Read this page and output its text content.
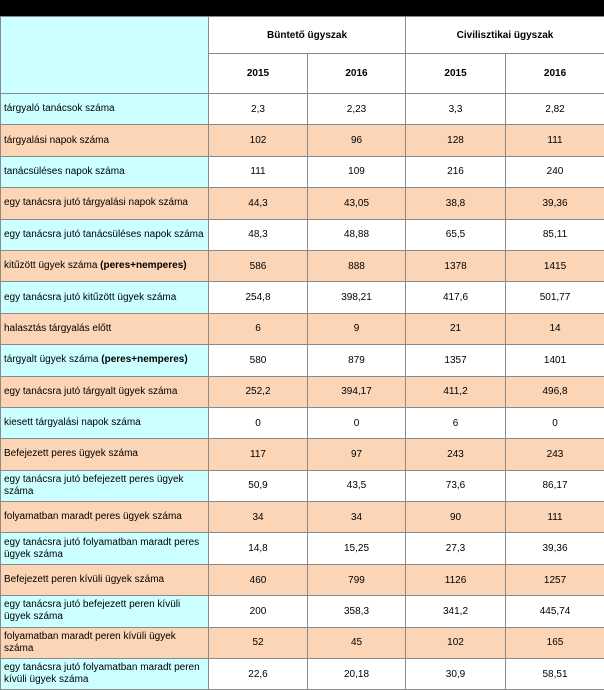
	Büntető ügyszak		Civilisztikai ügyszak	
	2015	2016	2015	2016
tárgyaló tanácsok száma	2,3	2,23	3,3	2,82
tárgyalási napok száma	102	96	128	111
tanácsüléses napok száma	111	109	216	240
egy tanácsra jutó tárgyalási napok száma	44,3	43,05	38,8	39,36
egy tanácsra jutó tanácsüléses napok száma	48,3	48,88	65,5	85,11
kitűzött ügyek száma (peres+nemperes)	586	888	1378	1415
egy tanácsra jutó kitűzött ügyek száma	254,8	398,21	417,6	501,77
halasztás tárgyalás előtt	6	9	21	14
tárgyalt ügyek száma (peres+nemperes)	580	879	1357	1401
egy tanácsra jutó tárgyalt ügyek száma	252,2	394,17	411,2	496,8
kiesett tárgyalási napok száma	0	0	6	0
Befejezett peres ügyek száma	117	97	243	243
egy tanácsra jutó befejezett peres ügyek száma	50,9	43,5	73,6	86,17
folyamatban maradt peres ügyek száma	34	34	90	111
egy tanácsra jutó folyamatban maradt peres ügyek száma	14,8	15,25	27,3	39,36
Befejezett peren kívüli ügyek száma	460	799	1126	1257
egy tanácsra jutó befejezett peren kívüli ügyek száma	200	358,3	341,2	445,74
folyamatban maradt peren kívüli ügyek száma	52	45	102	165
egy tanácsra jutó folyamatban maradt peren kívüli ügyek száma	22,6	20,18	30,9	58,51
